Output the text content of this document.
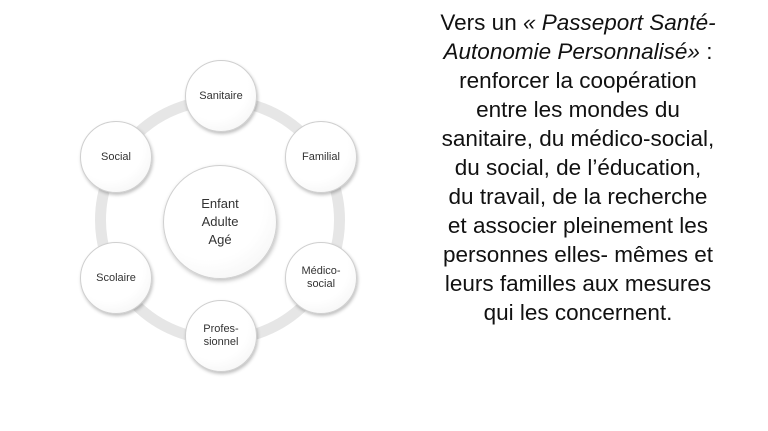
Sanitaire
Familial
Médico-
social
Profes-
sionnel
Scolaire
Social
Enfant
Adulte
Agé
Vers un « Passeport Santé-
Autonomie Personnalisé» :
renforcer la coopération
entre les mondes du
sanitaire, du médico-social,
du social, de l’éducation,
du travail, de la recherche
et associer pleinement les
personnes elles- mêmes et
leurs familles aux mesures
qui les concernent.
